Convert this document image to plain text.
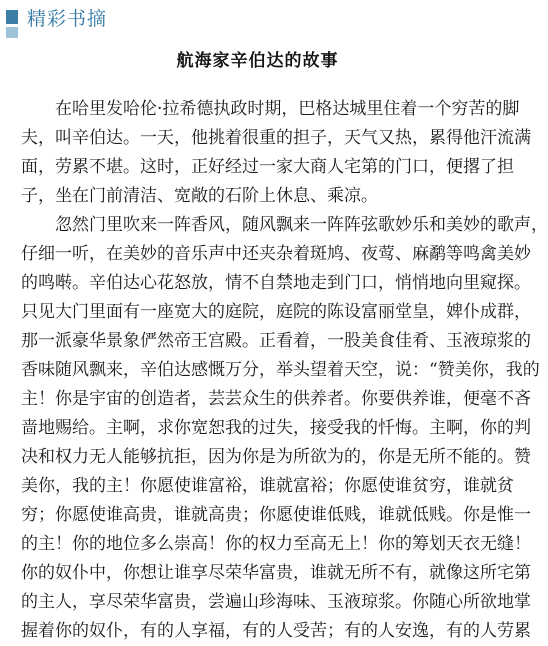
精彩书摘
航海家辛伯达的故事
　　在哈里发哈伦·拉希德执政时期，巴格达城里住着一个穷苦的脚
夫，叫辛伯达。一天，他挑着很重的担子，天气又热，累得他汗流满
面，劳累不堪。这时，正好经过一家大商人宅第的门口，便撂了担
子，坐在门前清洁、宽敞的石阶上休息、乘凉。
　　忽然门里吹来一阵香风，随风飘来一阵阵弦歌妙乐和美妙的歌声，
仔细一听，在美妙的音乐声中还夹杂着斑鸠、夜莺、麻鹬等鸣禽美妙
的鸣啭。辛伯达心花怒放，情不自禁地走到门口，悄悄地向里窥探。
只见大门里面有一座宽大的庭院，庭院的陈设富丽堂皇，婢仆成群，
那一派豪华景象俨然帝王宫殿。正看着，一股美食佳肴、玉液琼浆的
香味随风飘来，辛伯达感慨万分，举头望着天空，说：“赞美你，我的
主！你是宇宙的创造者，芸芸众生的供养者。你要供养谁，便毫不吝
啬地赐给。主啊，求你宽恕我的过失，接受我的忏悔。主啊，你的判
决和权力无人能够抗拒，因为你是为所欲为的，你是无所不能的。赞
美你，我的主！你愿使谁富裕，谁就富裕；你愿使谁贫穷，谁就贫
穷；你愿使谁高贵，谁就高贵；你愿使谁低贱，谁就低贱。你是惟一
的主！你的地位多么崇高！你的权力至高无上！你的筹划天衣无缝！
你的奴仆中，你想让谁享尽荣华富贵，谁就无所不有，就像这所宅第
的主人，享尽荣华富贵，尝遍山珍海味、玉液琼浆。你随心所欲地掌
握着你的奴仆，有的人享福，有的人受苦；有的人安逸，有的人劳累
